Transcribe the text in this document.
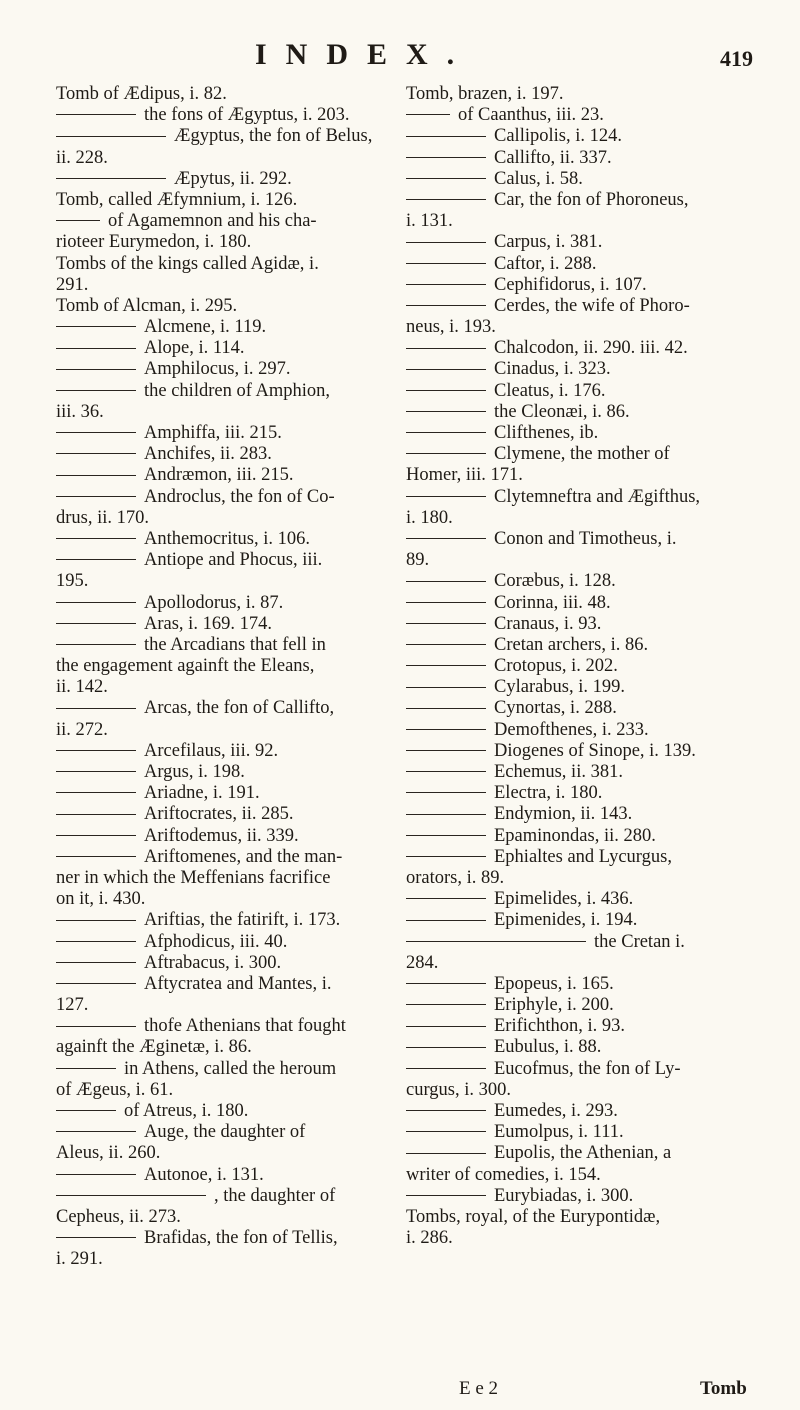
INDEX.	419
Tomb of Ædipus, i. 82.
the fons of Ægyptus, i. 203.
Ægyptus, the fon of Belus,
ii. 228.
Æpytus, ii. 292.
Tomb, called Æfymnium, i. 126.
of Agamemnon and his cha-
rioteer Eurymedon, i. 180.
Tombs of the kings called Agidæ, i.
291.
Tomb of Alcman, i. 295.
Alcmene, i. 119.
Alope, i. 114.
Amphilocus, i. 297.
the children of Amphion,
iii. 36.
Amphiffa, iii. 215.
Anchifes, ii. 283.
Andræmon, iii. 215.
Androclus, the fon of Co-
drus, ii. 170.
Anthemocritus, i. 106.
Antiope and Phocus, iii.
195.
Apollodorus, i. 87.
Aras, i. 169. 174.
the Arcadians that fell in
the engagement againft the Eleans,
ii. 142.
Arcas, the fon of Callifto,
ii. 272.
Arcefilaus, iii. 92.
Argus, i. 198.
Ariadne, i. 191.
Ariftocrates, ii. 285.
Ariftodemus, ii. 339.
Ariftomenes, and the man-
ner in which the Meffenians facrifice
on it, i. 430.
Ariftias, the fatirift, i. 173.
Afphodicus, iii. 40.
Aftrabacus, i. 300.
Aftycratea and Mantes, i.
127.
thofe Athenians that fought
againft the Æginetæ, i. 86.
in Athens, called the heroum
of Ægeus, i. 61.
of Atreus, i. 180.
Auge, the daughter of
Aleus, ii. 260.
Autonoe, i. 131.
, the daughter of
Cepheus, ii. 273.
Brafidas, the fon of Tellis,
i. 291.
Tomb, brazen, i. 197.
of Caanthus, iii. 23.
Callipolis, i. 124.
Callifto, ii. 337.
Calus, i. 58.
Car, the fon of Phoroneus,
i. 131.
Carpus, i. 381.
Caftor, i. 288.
Cephifidorus, i. 107.
Cerdes, the wife of Phoro-
neus, i. 193.
Chalcodon, ii. 290. iii. 42.
Cinadus, i. 323.
Cleatus, i. 176.
the Cleonæi, i. 86.
Clifthenes, ib.
Clymene, the mother of
Homer, iii. 171.
Clytemneftra and Ægifthus,
i. 180.
Conon and Timotheus, i.
89.
Coræbus, i. 128.
Corinna, iii. 48.
Cranaus, i. 93.
Cretan archers, i. 86.
Crotopus, i. 202.
Cylarabus, i. 199.
Cynortas, i. 288.
Demofthenes, i. 233.
Diogenes of Sinope, i. 139.
Echemus, ii. 381.
Electra, i. 180.
Endymion, ii. 143.
Epaminondas, ii. 280.
Ephialtes and Lycurgus,
orators, i. 89.
Epimelides, i. 436.
Epimenides, i. 194.
the Cretan i.
284.
Epopeus, i. 165.
Eriphyle, i. 200.
Erifichthon, i. 93.
Eubulus, i. 88.
Eucofmus, the fon of Ly-
curgus, i. 300.
Eumedes, i. 293.
Eumolpus, i. 111.
Eupolis, the Athenian, a
writer of comedies, i. 154.
Eurybiadas, i. 300.
Tombs, royal, of the Eurypontidæ,
i. 286.
E e 2	Tomb
